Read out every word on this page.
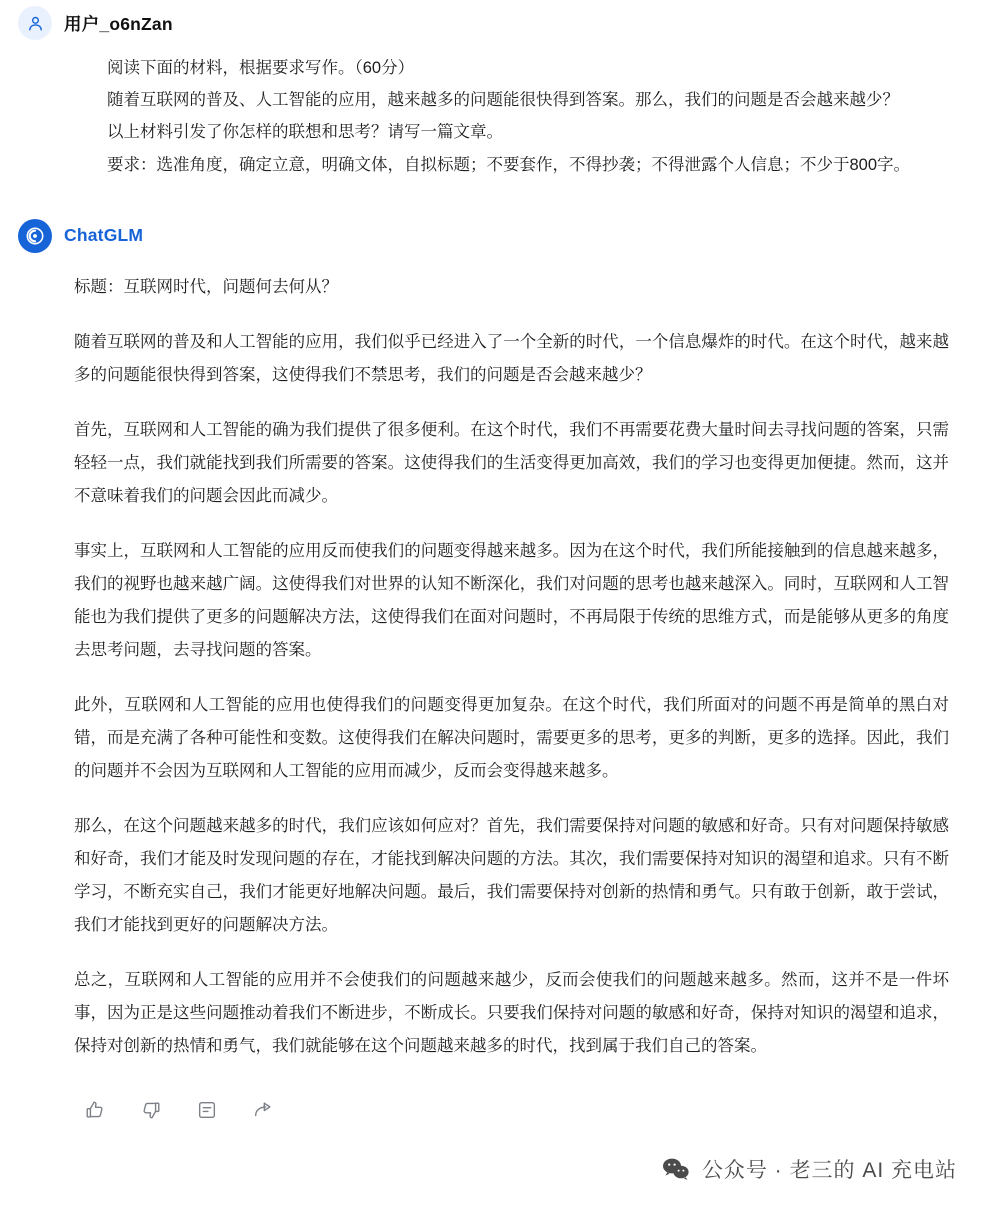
用户_o6nZan

阅读下面的材料，根据要求写作。（60分）

随着互联网的普及、人工智能的应用，越来越多的问题能很快得到答案。那么，我们的问题是否会越来越少？

以上材料引发了你怎样的联想和思考？请写一篇文章。

要求：选准角度，确定立意，明确文体，自拟标题；不要套作，不得抄袭；不得泄露个人信息；不少于800字。

ChatGLM

标题：互联网时代，问题何去何从？

随着互联网的普及和人工智能的应用，我们似乎已经进入了一个全新的时代，一个信息爆炸的时代。在这个时代，越来越多的问题能很快得到答案，这使得我们不禁思考，我们的问题是否会越来越少？

首先，互联网和人工智能的确为我们提供了很多便利。在这个时代，我们不再需要花费大量时间去寻找问题的答案，只需轻轻一点，我们就能找到我们所需要的答案。这使得我们的生活变得更加高效，我们的学习也变得更加便捷。然而，这并不意味着我们的问题会因此而减少。

事实上，互联网和人工智能的应用反而使我们的问题变得越来越多。因为在这个时代，我们所能接触到的信息越来越多，我们的视野也越来越广阔。这使得我们对世界的认知不断深化，我们对问题的思考也越来越深入。同时，互联网和人工智能也为我们提供了更多的问题解决方法，这使得我们在面对问题时，不再局限于传统的思维方式，而是能够从更多的角度去思考问题，去寻找问题的答案。

此外，互联网和人工智能的应用也使得我们的问题变得更加复杂。在这个时代，我们所面对的问题不再是简单的黑白对错，而是充满了各种可能性和变数。这使得我们在解决问题时，需要更多的思考，更多的判断，更多的选择。因此，我们的问题并不会因为互联网和人工智能的应用而减少，反而会变得越来越多。

那么，在这个问题越来越多的时代，我们应该如何应对？首先，我们需要保持对问题的敏感和好奇。只有对问题保持敏感和好奇，我们才能及时发现问题的存在，才能找到解决问题的方法。其次，我们需要保持对知识的渴望和追求。只有不断学习，不断充实自己，我们才能更好地解决问题。最后，我们需要保持对创新的热情和勇气。只有敢于创新，敢于尝试，我们才能找到更好的问题解决方法。

总之，互联网和人工智能的应用并不会使我们的问题越来越少，反而会使我们的问题越来越多。然而，这并不是一件坏事，因为正是这些问题推动着我们不断进步，不断成长。只要我们保持对问题的敏感和好奇，保持对知识的渴望和追求，保持对创新的热情和勇气，我们就能够在这个问题越来越多的时代，找到属于我们自己的答案。

公众号 · 老三的 AI 充电站
